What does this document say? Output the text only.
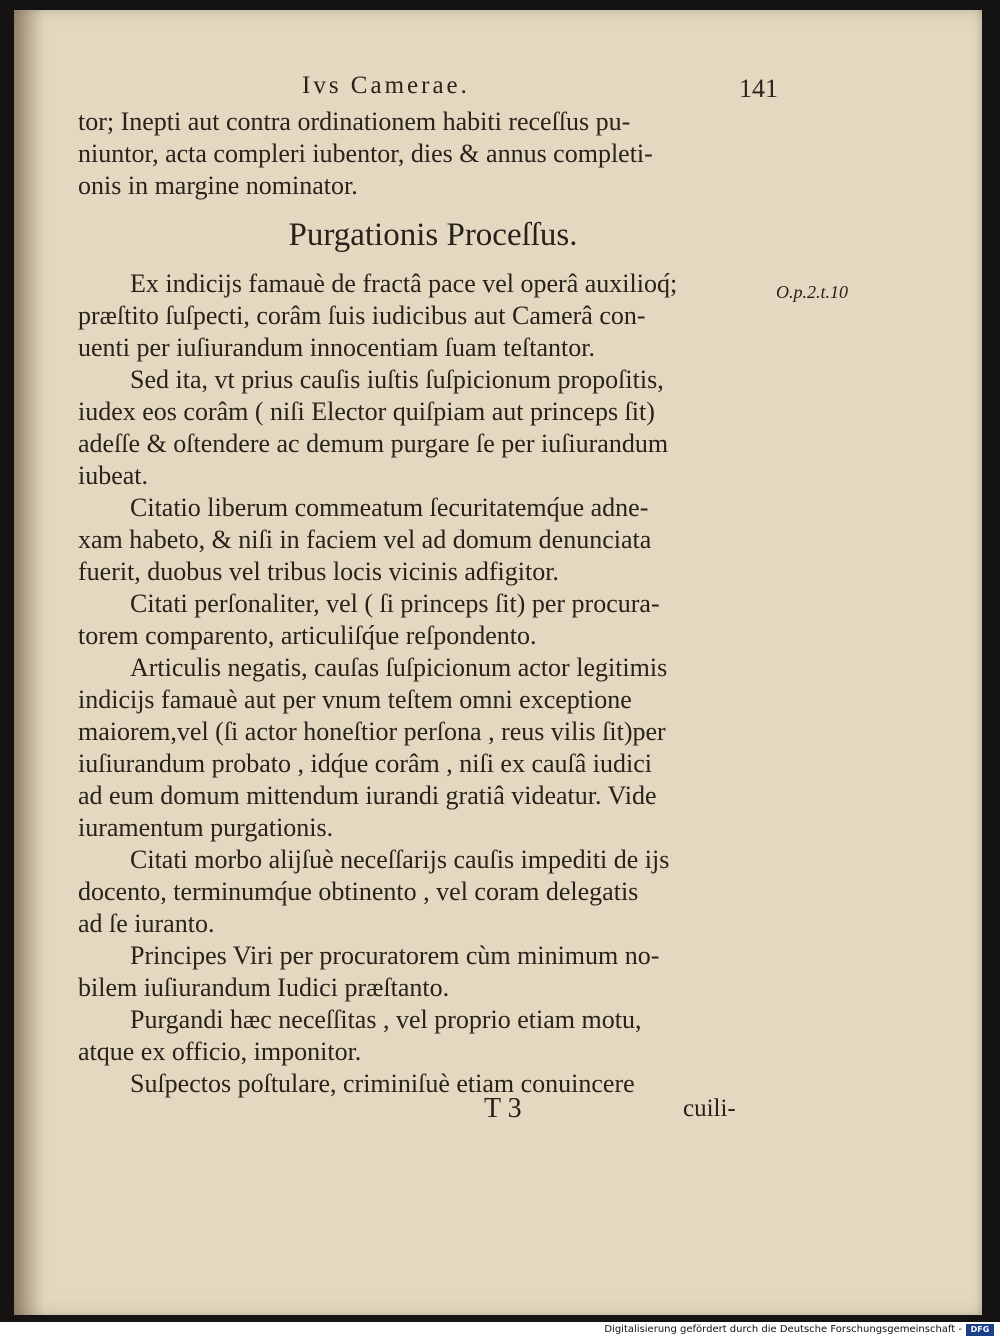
Ivs Camerae.	141
tor; Inepti aut contra ordinationem habiti receſſus pu-
niuntor, acta compleri iubentor, dies & annus completi-
onis in margine nominator.
Purgationis Proceſſus.
Ex indicijs famauè de fractâ pace vel operâ auxilioq́;
præſtito ſuſpecti, corâm ſuis iudicibus aut Camerâ con-
uenti per iuſiurandum innocentiam ſuam teſtantor.
Sed ita, vt prius cauſis iuſtis ſuſpicionum propoſitis,
iudex eos corâm ( niſi Elector quiſpiam aut princeps ſit)
adeſſe & oſtendere ac demum purgare ſe per iuſiurandum
iubeat.
Citatio liberum commeatum ſecuritatemq́ue adne-
xam habeto, & niſi in faciem vel ad domum denunciata
fuerit, duobus vel tribus locis vicinis adfigitor.
Citati perſonaliter, vel ( ſi princeps ſit) per procura-
torem comparento, articuliſq́ue reſpondento.
Articulis negatis, cauſas ſuſpicionum actor legitimis
indicijs famauè aut per vnum teſtem omni exceptione
maiorem,vel (ſi actor honeſtior perſona , reus vilis ſit)per
iuſiurandum probato , idq́ue corâm , niſi ex cauſâ iudici
ad eum domum mittendum iurandi gratiâ videatur. Vide
iuramentum purgationis.
Citati morbo alijſuè neceſſarijs cauſis impediti de ijs
docento, terminumq́ue obtinento , vel coram delegatis
ad ſe iuranto.
Principes Viri per procuratorem cùm minimum no-
bilem iuſiurandum Iudici præſtanto.
Purgandi hæc neceſſitas , vel proprio etiam motu,
atque ex officio, imponitor.
Suſpectos poſtulare, criminiſuè etiam conuincere
O.p.2.t.10
T 3	cuili-
Digitalisierung gefördert durch die Deutsche Forschungsgemeinschaft -	DFG
